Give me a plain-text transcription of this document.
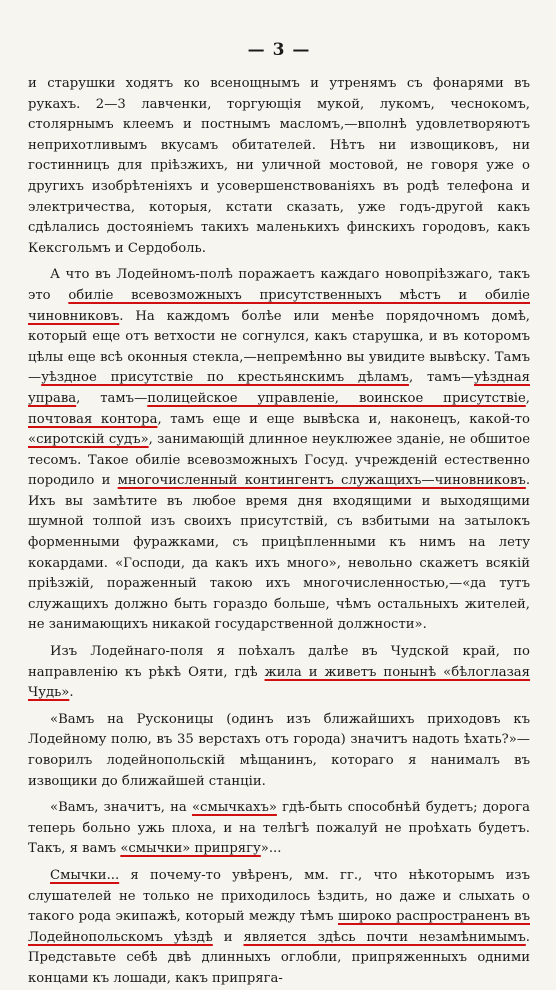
— 3 —

и старушки ходятъ ко всенощнымъ и утренямъ съ фонарями въ рукахъ. 2—3 лавченки, торгующія мукой, лукомъ, чеснокомъ, столярнымъ клеемъ и постнымъ масломъ,—вполнѣ удовлетворяютъ неприхотливымъ вкусамъ обитателей. Нѣтъ ни извощиковъ, ни гостинницъ для пріѣзжихъ, ни уличной мостовой, не говоря уже о другихъ изобрѣтеніяхъ и усовершенствованіяхъ въ родѣ телефона и электричества, которыя, кстати сказать, уже годъ-другой какъ сдѣлались достояніемъ такихъ маленькихъ финскихъ городовъ, какъ Кексгольмъ и Сердоболь.

А что въ Лодейномъ-полѣ поражаетъ каждаго новопріѣзжаго, такъ это обиліе всевозможныхъ присутственныхъ мѣстъ и обиліе чиновниковъ. На каждомъ болѣе или менѣе порядочномъ домѣ, который еще отъ ветхости не согнулся, какъ старушка, и въ которомъ цѣлы еще всѣ оконныя стекла,—непремѣнно вы увидите вывѣску. Тамъ—уѣздное присутствіе по крестьянскимъ дѣламъ, тамъ—уѣздная управа, тамъ—полицейское управленіе, воинское присутствіе, почтовая контора, тамъ еще и еще вывѣска и, наконецъ, какой-то «сиротскій судъ», занимающій длинное неуклюжее зданіе, не обшитое тесомъ. Такое обиліе всевозможныхъ Госуд. учрежденій естественно породило и многочисленный контингентъ служащихъ—чиновниковъ. Ихъ вы замѣтите въ любое время дня входящими и выходящими шумной толпой изъ своихъ присутствій, съ взбитыми на затылокъ форменными фуражками, съ прицѣпленными къ нимъ на лету кокардами. «Господи, да какъ ихъ много», невольно скажетъ всякій пріѣзжій, пораженный такою ихъ многочисленностью,—«да тутъ служащихъ должно быть гораздо больше, чѣмъ остальныхъ жителей, не занимающихъ никакой государственной должности».

Изъ Лодейнаго-поля я поѣхалъ далѣе въ Чудской край, по направленію къ рѣкѣ Ояти, гдѣ жила и живетъ понынѣ «бѣлоглазая Чудь».

«Вамъ на Русконицы (одинъ изъ ближайшихъ приходовъ къ Лодейному полю, въ 35 верстахъ отъ города) значитъ надоть ѣхать?»—говорилъ лодейнопольскій мѣщанинъ, котораго я нанималъ въ извощики до ближайшей станціи.

«Вамъ, значитъ, на «смычкахъ» гдѣ-быть способнѣй будетъ; дорога теперь больно ужь плоха, и на телѣгѣ пожалуй не проѣхать будетъ. Такъ, я вамъ «смычки» припрягу»...

Смычки... я почему-то увѣренъ, мм. гг., что нѣкоторымъ изъ слушателей не только не приходилось ѣздить, но даже и слыхать о такого рода экипажѣ, который между тѣмъ широко распространенъ въ Лодейнопольскомъ уѣздѣ и является здѣсь почти незамѣнимымъ. Представьте себѣ двѣ длинныхъ оглобли, припряженныхъ одними концами къ лошади, какъ припряга-
